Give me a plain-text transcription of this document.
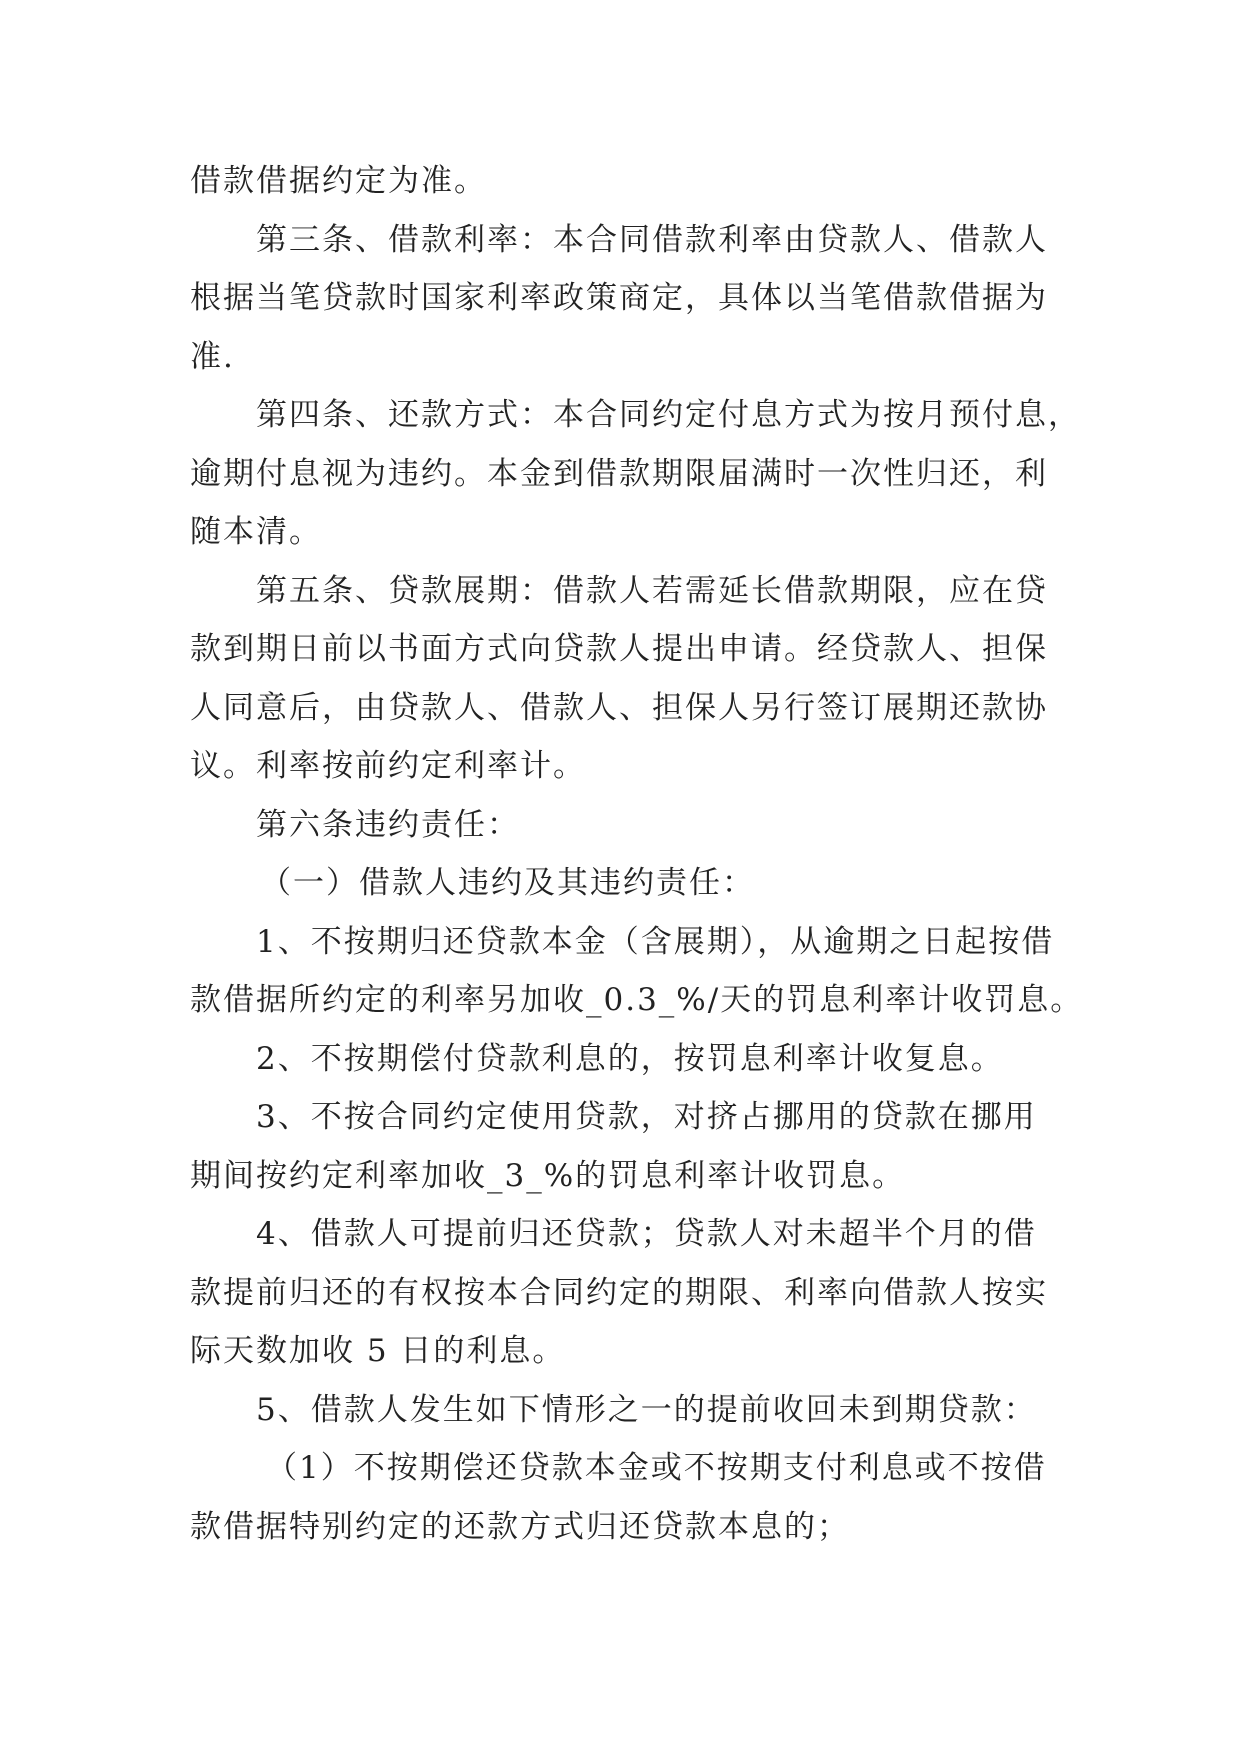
借款借据约定为准。
第三条、借款利率：本合同借款利率由贷款人、借款人
根据当笔贷款时国家利率政策商定，具体以当笔借款借据为
准.
第四条、还款方式：本合同约定付息方式为按月预付息，
逾期付息视为违约。本金到借款期限届满时一次性归还，利
随本清。
第五条、贷款展期：借款人若需延长借款期限，应在贷
款到期日前以书面方式向贷款人提出申请。经贷款人、担保
人同意后，由贷款人、借款人、担保人另行签订展期还款协
议。利率按前约定利率计。
第六条违约责任：
（一）借款人违约及其违约责任：
1、不按期归还贷款本金（含展期），从逾期之日起按借
款借据所约定的利率另加收_0.3_%/天的罚息利率计收罚息。
2、不按期偿付贷款利息的，按罚息利率计收复息。
3、不按合同约定使用贷款，对挤占挪用的贷款在挪用
期间按约定利率加收_3_%的罚息利率计收罚息。
4、借款人可提前归还贷款；贷款人对未超半个月的借
款提前归还的有权按本合同约定的期限、利率向借款人按实
际天数加收 5 日的利息。
5、借款人发生如下情形之一的提前收回未到期贷款：
（1）不按期偿还贷款本金或不按期支付利息或不按借
款借据特别约定的还款方式归还贷款本息的；
